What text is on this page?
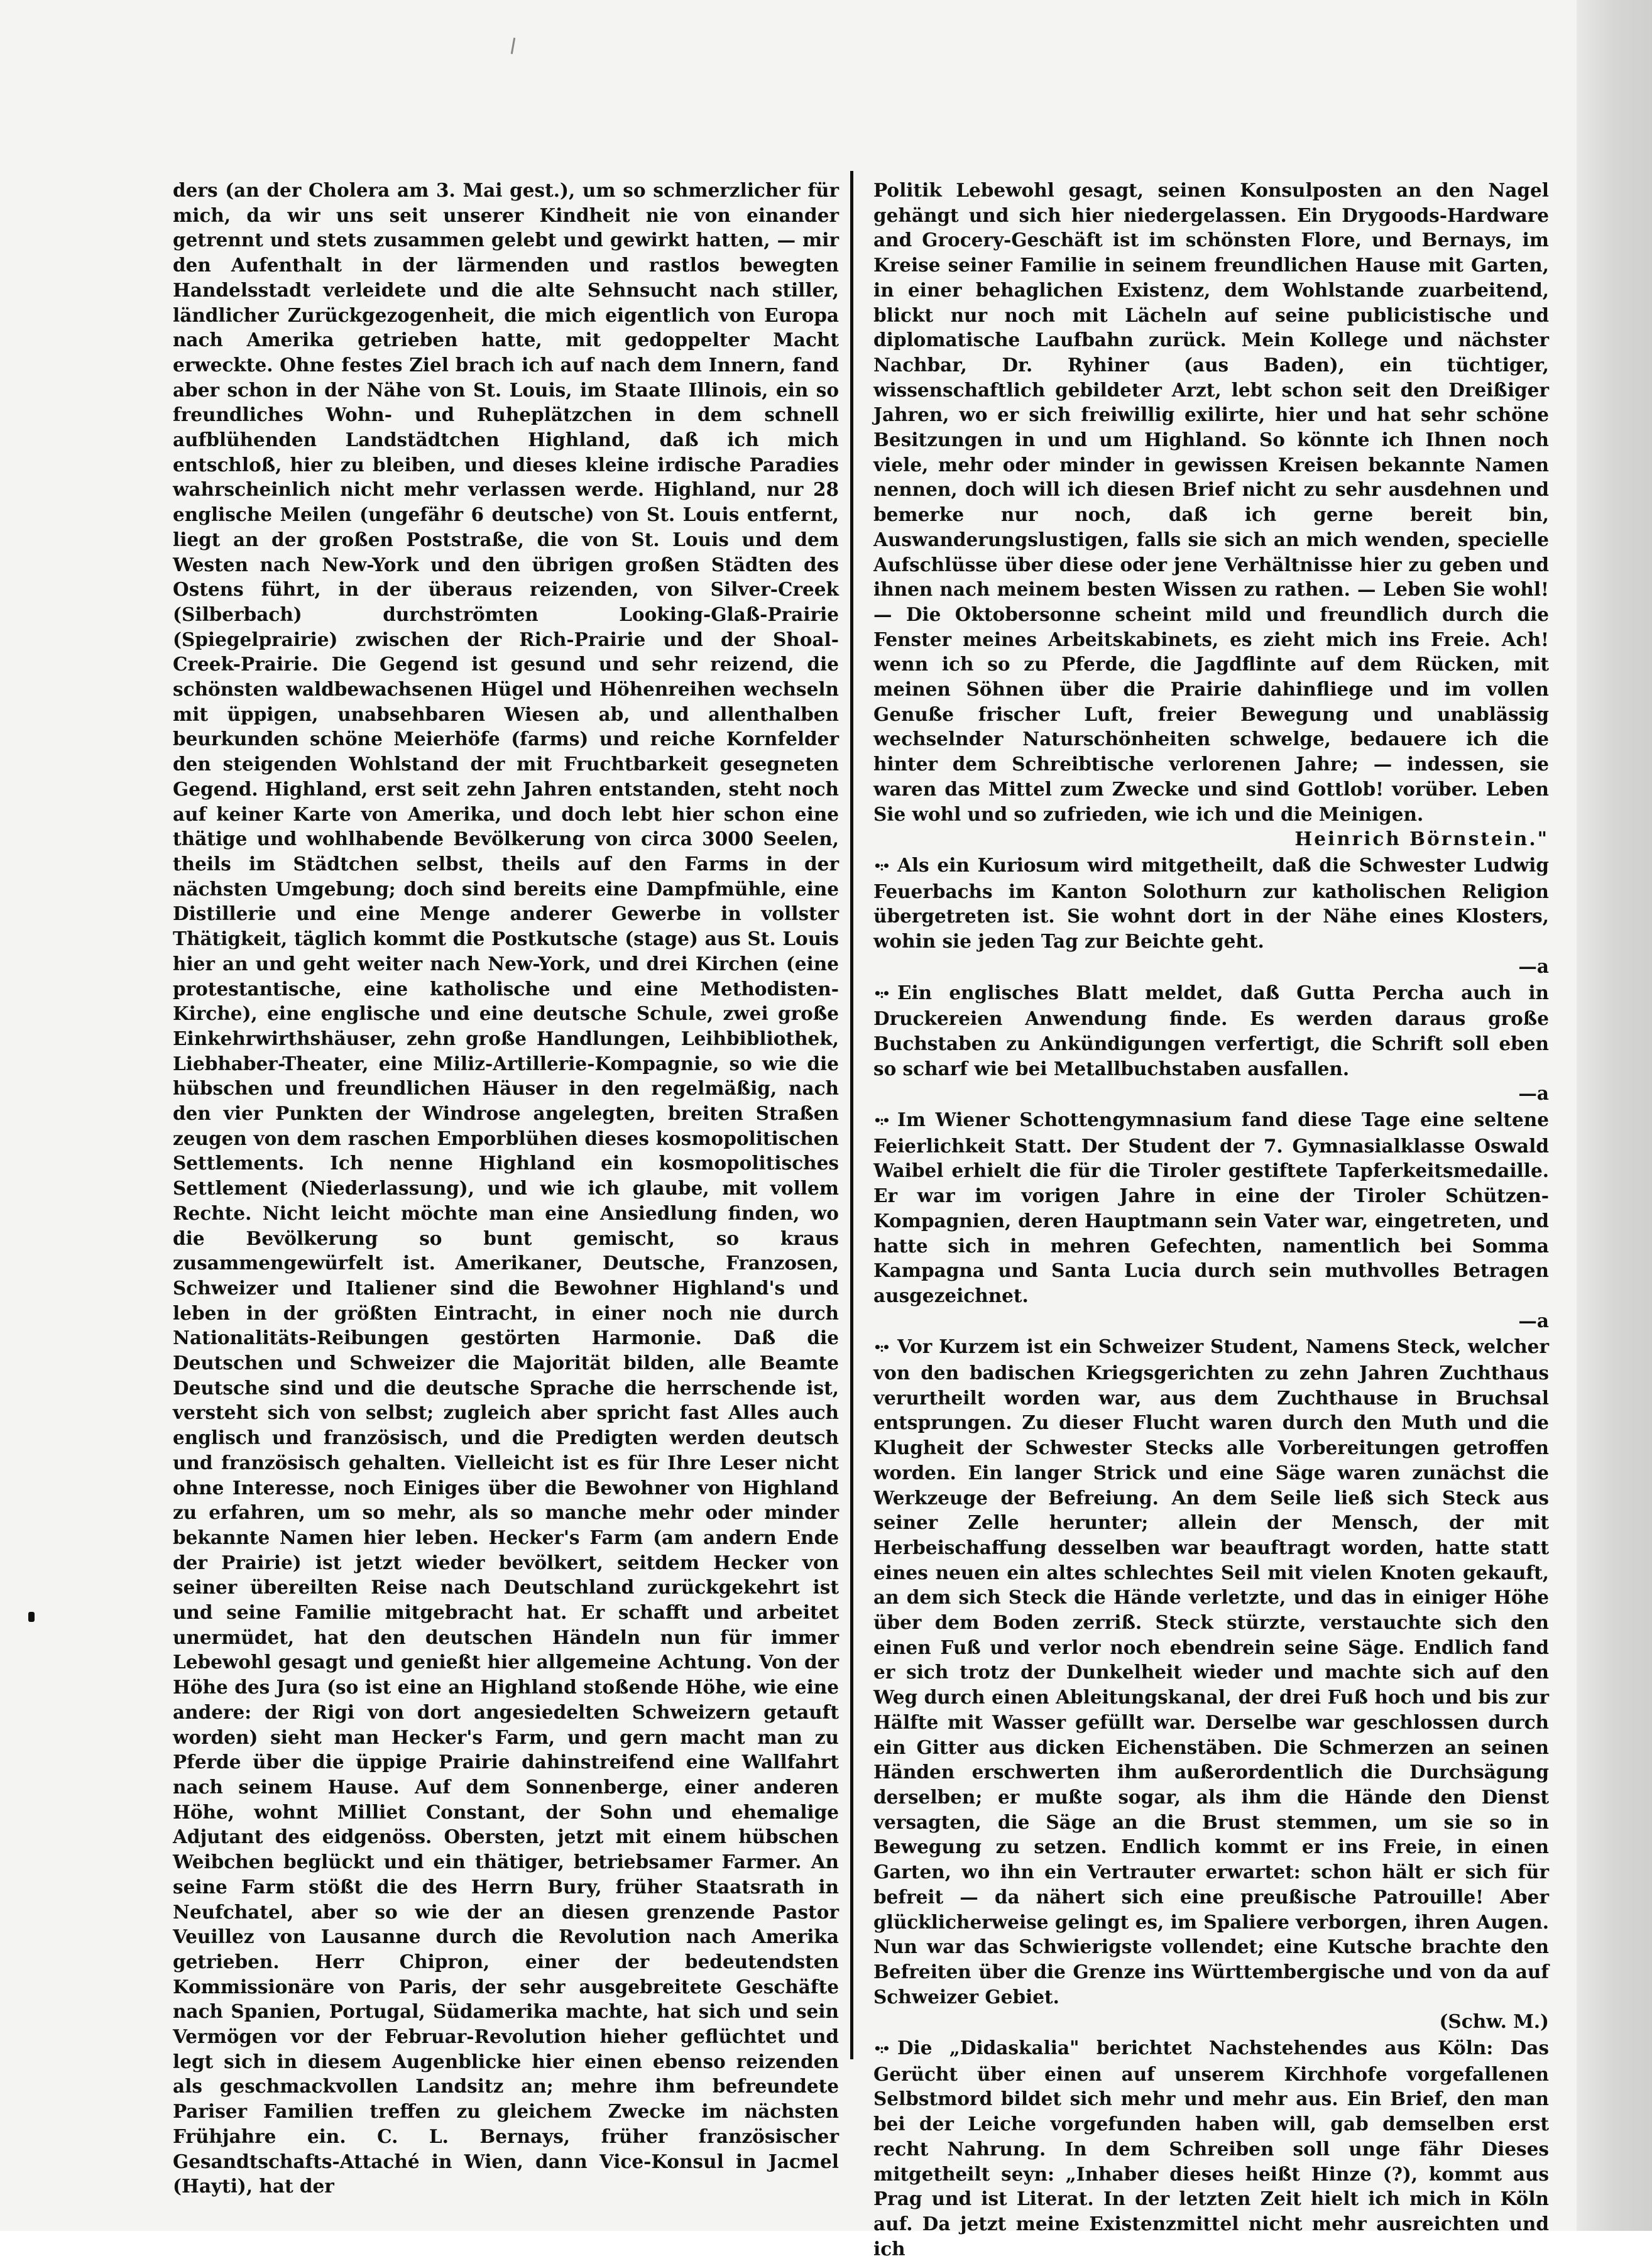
ders (an der Cholera am 3. Mai gest.), um so schmerzlicher für mich, da wir uns seit unserer Kindheit nie von einander getrennt und stets zusammen gelebt und gewirkt hatten, — mir den Aufenthalt in der lärmenden und rastlos bewegten Handelsstadt verleidete und die alte Sehnsucht nach stiller, ländlicher Zurückgezogenheit, die mich eigentlich von Europa nach Amerika getrieben hatte, mit gedoppelter Macht erweckte. Ohne festes Ziel brach ich auf nach dem Innern, fand aber schon in der Nähe von St. Louis, im Staate Illinois, ein so freundliches Wohn- und Ruheplätzchen in dem schnell aufblühenden Landstädtchen Highland, daß ich mich entschloß, hier zu bleiben, und dieses kleine irdische Paradies wahrscheinlich nicht mehr verlassen werde. Highland, nur 28 englische Meilen (ungefähr 6 deutsche) von St. Louis entfernt, liegt an der großen Poststraße, die von St. Louis und dem Westen nach New-York und den übrigen großen Städten des Ostens führt, in der überaus reizenden, von Silver-Creek (Silberbach) durchströmten Looking-Glaß-Prairie (Spiegelprairie) zwischen der Rich-Prairie und der Shoal-Creek-Prairie. Die Gegend ist gesund und sehr reizend, die schönsten waldbewachsenen Hügel und Höhenreihen wechseln mit üppigen, unabsehbaren Wiesen ab, und allenthalben beurkunden schöne Meierhöfe (farms) und reiche Kornfelder den steigenden Wohlstand der mit Fruchtbarkeit gesegneten Gegend. Highland, erst seit zehn Jahren entstanden, steht noch auf keiner Karte von Amerika, und doch lebt hier schon eine thätige und wohlhabende Bevölkerung von circa 3000 Seelen, theils im Städtchen selbst, theils auf den Farms in der nächsten Umgebung; doch sind bereits eine Dampfmühle, eine Distillerie und eine Menge anderer Gewerbe in vollster Thätigkeit, täglich kommt die Postkutsche (stage) aus St. Louis hier an und geht weiter nach New-York, und drei Kirchen (eine protestantische, eine katholische und eine Methodisten-Kirche), eine englische und eine deutsche Schule, zwei große Einkehrwirthshäuser, zehn große Handlungen, Leihbibliothek, Liebhaber-Theater, eine Miliz-Artillerie-Kompagnie, so wie die hübschen und freundlichen Häuser in den regelmäßig, nach den vier Punkten der Windrose angelegten, breiten Straßen zeugen von dem raschen Emporblühen dieses kosmopolitischen Settlements. Ich nenne Highland ein kosmopolitisches Settlement (Niederlassung), und wie ich glaube, mit vollem Rechte. Nicht leicht möchte man eine Ansiedlung finden, wo die Bevölkerung so bunt gemischt, so kraus zusammengewürfelt ist. Amerikaner, Deutsche, Franzosen, Schweizer und Italiener sind die Bewohner Highland's und leben in der größten Eintracht, in einer noch nie durch Nationalitäts-Reibungen gestörten Harmonie. Daß die Deutschen und Schweizer die Majorität bilden, alle Beamte Deutsche sind und die deutsche Sprache die herrschende ist, versteht sich von selbst; zugleich aber spricht fast Alles auch englisch und französisch, und die Predigten werden deutsch und französisch gehalten. Vielleicht ist es für Ihre Leser nicht ohne Interesse, noch Einiges über die Bewohner von Highland zu erfahren, um so mehr, als so manche mehr oder minder bekannte Namen hier leben. Hecker's Farm (am andern Ende der Prairie) ist jetzt wieder bevölkert, seitdem Hecker von seiner übereilten Reise nach Deutschland zurückgekehrt ist und seine Familie mitgebracht hat. Er schafft und arbeitet unermüdet, hat den deutschen Händeln nun für immer Lebewohl gesagt und genießt hier allgemeine Achtung. Von der Höhe des Jura (so ist eine an Highland stoßende Höhe, wie eine andere: der Rigi von dort angesiedelten Schweizern getauft worden) sieht man Hecker's Farm, und gern macht man zu Pferde über die üppige Prairie dahinstreifend eine Wallfahrt nach seinem Hause. Auf dem Sonnenberge, einer anderen Höhe, wohnt Milliet Constant, der Sohn und ehemalige Adjutant des eidgenöss. Obersten, jetzt mit einem hübschen Weibchen beglückt und ein thätiger, betriebsamer Farmer. An seine Farm stößt die des Herrn Bury, früher Staatsrath in Neufchatel, aber so wie der an diesen grenzende Pastor Veuillez von Lausanne durch die Revolution nach Amerika getrieben. Herr Chipron, einer der bedeutendsten Kommissionäre von Paris, der sehr ausgebreitete Geschäfte nach Spanien, Portugal, Südamerika machte, hat sich und sein Vermögen vor der Februar-Revolution hieher geflüchtet und legt sich in diesem Augenblicke hier einen ebenso reizenden als geschmackvollen Landsitz an; mehre ihm befreundete Pariser Familien treffen zu gleichem Zwecke im nächsten Frühjahre ein. C. L. Bernays, früher französischer Gesandtschafts-Attaché in Wien, dann Vice-Konsul in Jacmel (Hayti), hat der

Politik Lebewohl gesagt, seinen Konsulposten an den Nagel gehängt und sich hier niedergelassen. Ein Drygoods-Hardware and Grocery-Geschäft ist im schönsten Flore, und Bernays, im Kreise seiner Familie in seinem freundlichen Hause mit Garten, in einer behaglichen Existenz, dem Wohlstande zuarbeitend, blickt nur noch mit Lächeln auf seine publicistische und diplomatische Laufbahn zurück. Mein Kollege und nächster Nachbar, Dr. Ryhiner (aus Baden), ein tüchtiger, wissenschaftlich gebildeter Arzt, lebt schon seit den Dreißiger Jahren, wo er sich freiwillig exilirte, hier und hat sehr schöne Besitzungen in und um Highland. So könnte ich Ihnen noch viele, mehr oder minder in gewissen Kreisen bekannte Namen nennen, doch will ich diesen Brief nicht zu sehr ausdehnen und bemerke nur noch, daß ich gerne bereit bin, Auswanderungslustigen, falls sie sich an mich wenden, specielle Aufschlüsse über diese oder jene Verhältnisse hier zu geben und ihnen nach meinem besten Wissen zu rathen. — Leben Sie wohl! — Die Oktobersonne scheint mild und freundlich durch die Fenster meines Arbeitskabinets, es zieht mich ins Freie. Ach! wenn ich so zu Pferde, die Jagdflinte auf dem Rücken, mit meinen Söhnen über die Prairie dahinfliege und im vollen Genuße frischer Luft, freier Bewegung und unablässig wechselnder Naturschönheiten schwelge, bedauere ich die hinter dem Schreibtische verlorenen Jahre; — indessen, sie waren das Mittel zum Zwecke und sind Gottlob! vorüber. Leben Sie wohl und so zufrieden, wie ich und die Meinigen.

Heinrich Börnstein."

•:• Als ein Kuriosum wird mitgetheilt, daß die Schwester Ludwig Feuerbachs im Kanton Solothurn zur katholischen Religion übergetreten ist. Sie wohnt dort in der Nähe eines Klosters, wohin sie jeden Tag zur Beichte geht.

—a

•:• Ein englisches Blatt meldet, daß Gutta Percha auch in Druckereien Anwendung finde. Es werden daraus große Buchstaben zu Ankündigungen verfertigt, die Schrift soll eben so scharf wie bei Metallbuchstaben ausfallen.

—a

•:• Im Wiener Schottengymnasium fand diese Tage eine seltene Feierlichkeit Statt. Der Student der 7. Gymnasialklasse Oswald Waibel erhielt die für die Tiroler gestiftete Tapferkeitsmedaille. Er war im vorigen Jahre in eine der Tiroler Schützen-Kompagnien, deren Hauptmann sein Vater war, eingetreten, und hatte sich in mehren Gefechten, namentlich bei Somma Kampagna und Santa Lucia durch sein muthvolles Betragen ausgezeichnet.

—a

•:• Vor Kurzem ist ein Schweizer Student, Namens Steck, welcher von den badischen Kriegsgerichten zu zehn Jahren Zuchthaus verurtheilt worden war, aus dem Zuchthause in Bruchsal entsprungen. Zu dieser Flucht waren durch den Muth und die Klugheit der Schwester Stecks alle Vorbereitungen getroffen worden. Ein langer Strick und eine Säge waren zunächst die Werkzeuge der Befreiung. An dem Seile ließ sich Steck aus seiner Zelle herunter; allein der Mensch, der mit Herbeischaffung desselben war beauftragt worden, hatte statt eines neuen ein altes schlechtes Seil mit vielen Knoten gekauft, an dem sich Steck die Hände verletzte, und das in einiger Höhe über dem Boden zerriß. Steck stürzte, verstauchte sich den einen Fuß und verlor noch ebendrein seine Säge. Endlich fand er sich trotz der Dunkelheit wieder und machte sich auf den Weg durch einen Ableitungskanal, der drei Fuß hoch und bis zur Hälfte mit Wasser gefüllt war. Derselbe war geschlossen durch ein Gitter aus dicken Eichenstäben. Die Schmerzen an seinen Händen erschwerten ihm außerordentlich die Durchsägung derselben; er mußte sogar, als ihm die Hände den Dienst versagten, die Säge an die Brust stemmen, um sie so in Bewegung zu setzen. Endlich kommt er ins Freie, in einen Garten, wo ihn ein Vertrauter erwartet: schon hält er sich für befreit — da nähert sich eine preußische Patrouille! Aber glücklicherweise gelingt es, im Spaliere verborgen, ihren Augen. Nun war das Schwierigste vollendet; eine Kutsche brachte den Befreiten über die Grenze ins Württembergische und von da auf Schweizer Gebiet.

(Schw. M.)

•:• Die „Didaskalia" berichtet Nachstehendes aus Köln: Das Gerücht über einen auf unserem Kirchhofe vorgefallenen Selbstmord bildet sich mehr und mehr aus. Ein Brief, den man bei der Leiche vorgefunden haben will, gab demselben erst recht Nahrung. In dem Schreiben soll unge fähr Dieses mitgetheilt seyn: „Inhaber dieses heißt Hinze (?), kommt aus Prag und ist Literat. In der letzten Zeit hielt ich mich in Köln auf. Da jetzt meine Existenzmittel nicht mehr ausreichten und ich
